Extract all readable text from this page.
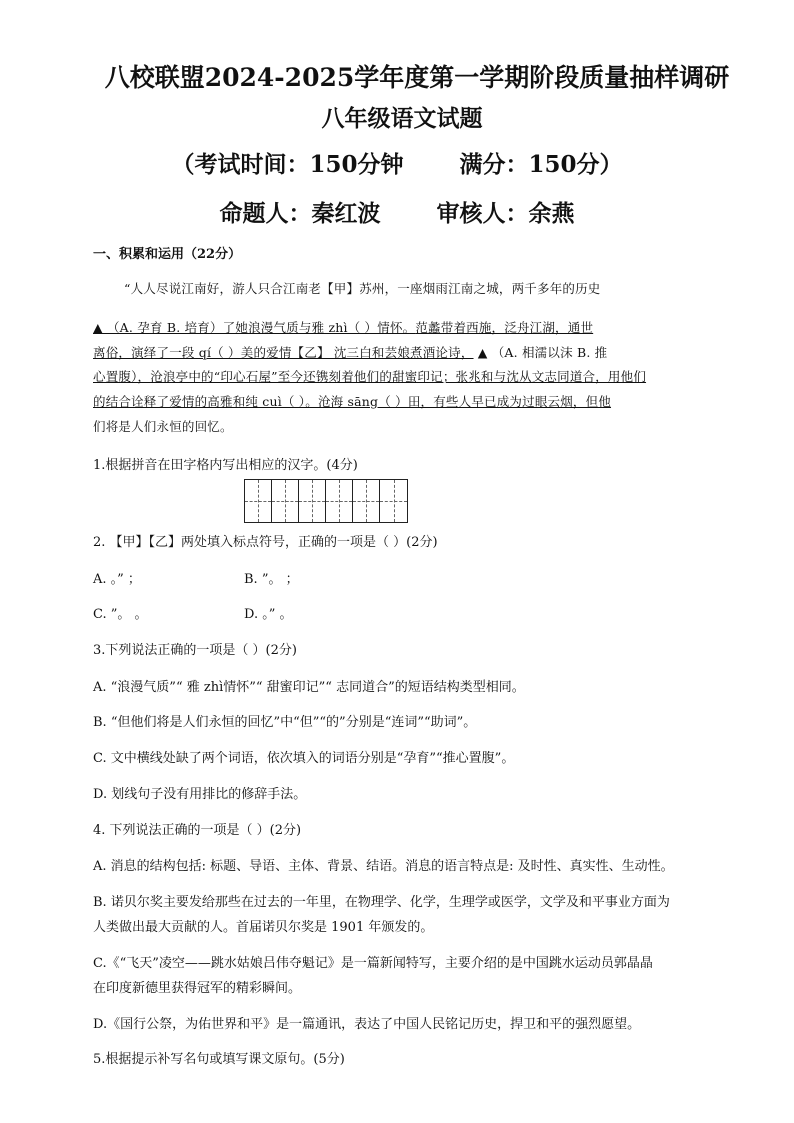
八校联盟2024-2025学年度第一学期阶段质量抽样调研
八年级语文试题
（考试时间：150分钟 满分：150分）
命题人：秦红波 审核人：余燕
一、积累和运用（22分）
“人人尽说江南好，游人只合江南老【甲】苏州，一座烟雨江南之城，两千多年的历史
▲ （A. 孕育 B. 培育）了她浪漫气质与雅 zhì（ ）情怀。范蠡带着西施，泛舟江湖，通世
离俗，演绎了一段 qí（ ）美的爱情【乙】 沈三白和芸娘煮酒论诗， ▲ （A. 相濡以沫 B. 推
心置腹），沧浪亭中的“印心石屋”至今还镌刻着他们的甜蜜印记；张兆和与沈从文志同道合，用他们
的结合诠释了爱情的高雅和纯 cuì（ ）。沧海 sāng（ ）田，有些人早已成为过眼云烟，但他
们将是人们永恒的回忆。
1.根据拼音在田字格内写出相应的汉字。(4分)
2. 【甲】【乙】两处填入标点符号，正确的一项是（ ）(2分)
A. 。” ；	B. ”。 ；
C. ”。 。	D. 。” 。
3.下列说法正确的一项是（ ）(2分)
A. “浪漫气质”“ 雅 zhì情怀”“ 甜蜜印记”“ 志同道合”的短语结构类型相同。
B. “但他们将是人们永恒的回忆”中“但”“的”分别是“连词”“助词”。
C. 文中横线处缺了两个词语，依次填入的词语分别是“孕育”“推心置腹”。
D. 划线句子没有用排比的修辞手法。
4. 下列说法正确的一项是（ ）(2分)
A. 消息的结构包括: 标题、导语、主体、背景、结语。消息的语言特点是: 及时性、真实性、生动性。
B. 诺贝尔奖主要发给那些在过去的一年里，在物理学、化学，生理学或医学，文学及和平事业方面为
人类做出最大贡献的人。首届诺贝尔奖是 1901 年颁发的。
C.《“飞天”凌空——跳水姑娘吕伟夺魁记》是一篇新闻特写，主要介绍的是中国跳水运动员郭晶晶
在印度新德里获得冠军的精彩瞬间。
D.《国行公祭，为佑世界和平》是一篇通讯，表达了中国人民铭记历史，捍卫和平的强烈愿望。
5.根据提示补写名句或填写课文原句。(5分)
